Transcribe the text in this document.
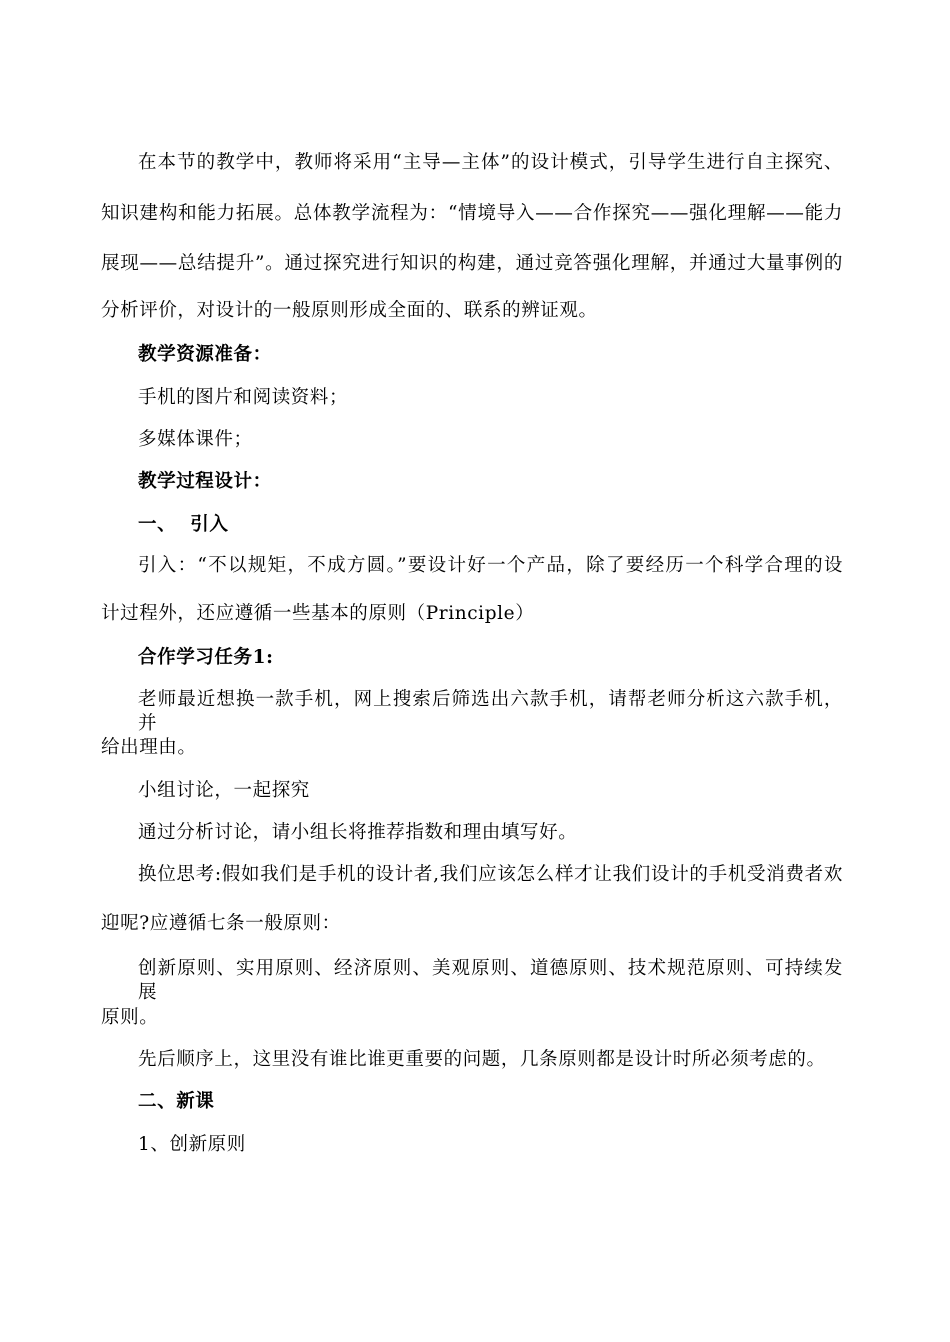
在本节的教学中，教师将采用“主导—主体”的设计模式，引导学生进行自主探究、
知识建构和能力拓展。总体教学流程为：“情境导入——合作探究——强化理解——能力
展现——总结提升”。通过探究进行知识的构建，通过竞答强化理解，并通过大量事例的
分析评价，对设计的一般原则形成全面的、联系的辨证观。
教学资源准备：
手机的图片和阅读资料；
多媒体课件；
教学过程设计：
一、  引入
引入：“不以规矩，不成方圆。”要设计好一个产品，除了要经历一个科学合理的设
计过程外，还应遵循一些基本的原则（Principle）
合作学习任务1:
老师最近想换一款手机，网上搜索后筛选出六款手机，请帮老师分析这六款手机，并
给出理由。
小组讨论，一起探究
通过分析讨论，请小组长将推荐指数和理由填写好。
换位思考:假如我们是手机的设计者,我们应该怎么样才让我们设计的手机受消费者欢
迎呢?应遵循七条一般原则：
创新原则、实用原则、经济原则、美观原则、道德原则、技术规范原则、可持续发展
原则。
先后顺序上，这里没有谁比谁更重要的问题，几条原则都是设计时所必须考虑的。
二、新课
1、创新原则
